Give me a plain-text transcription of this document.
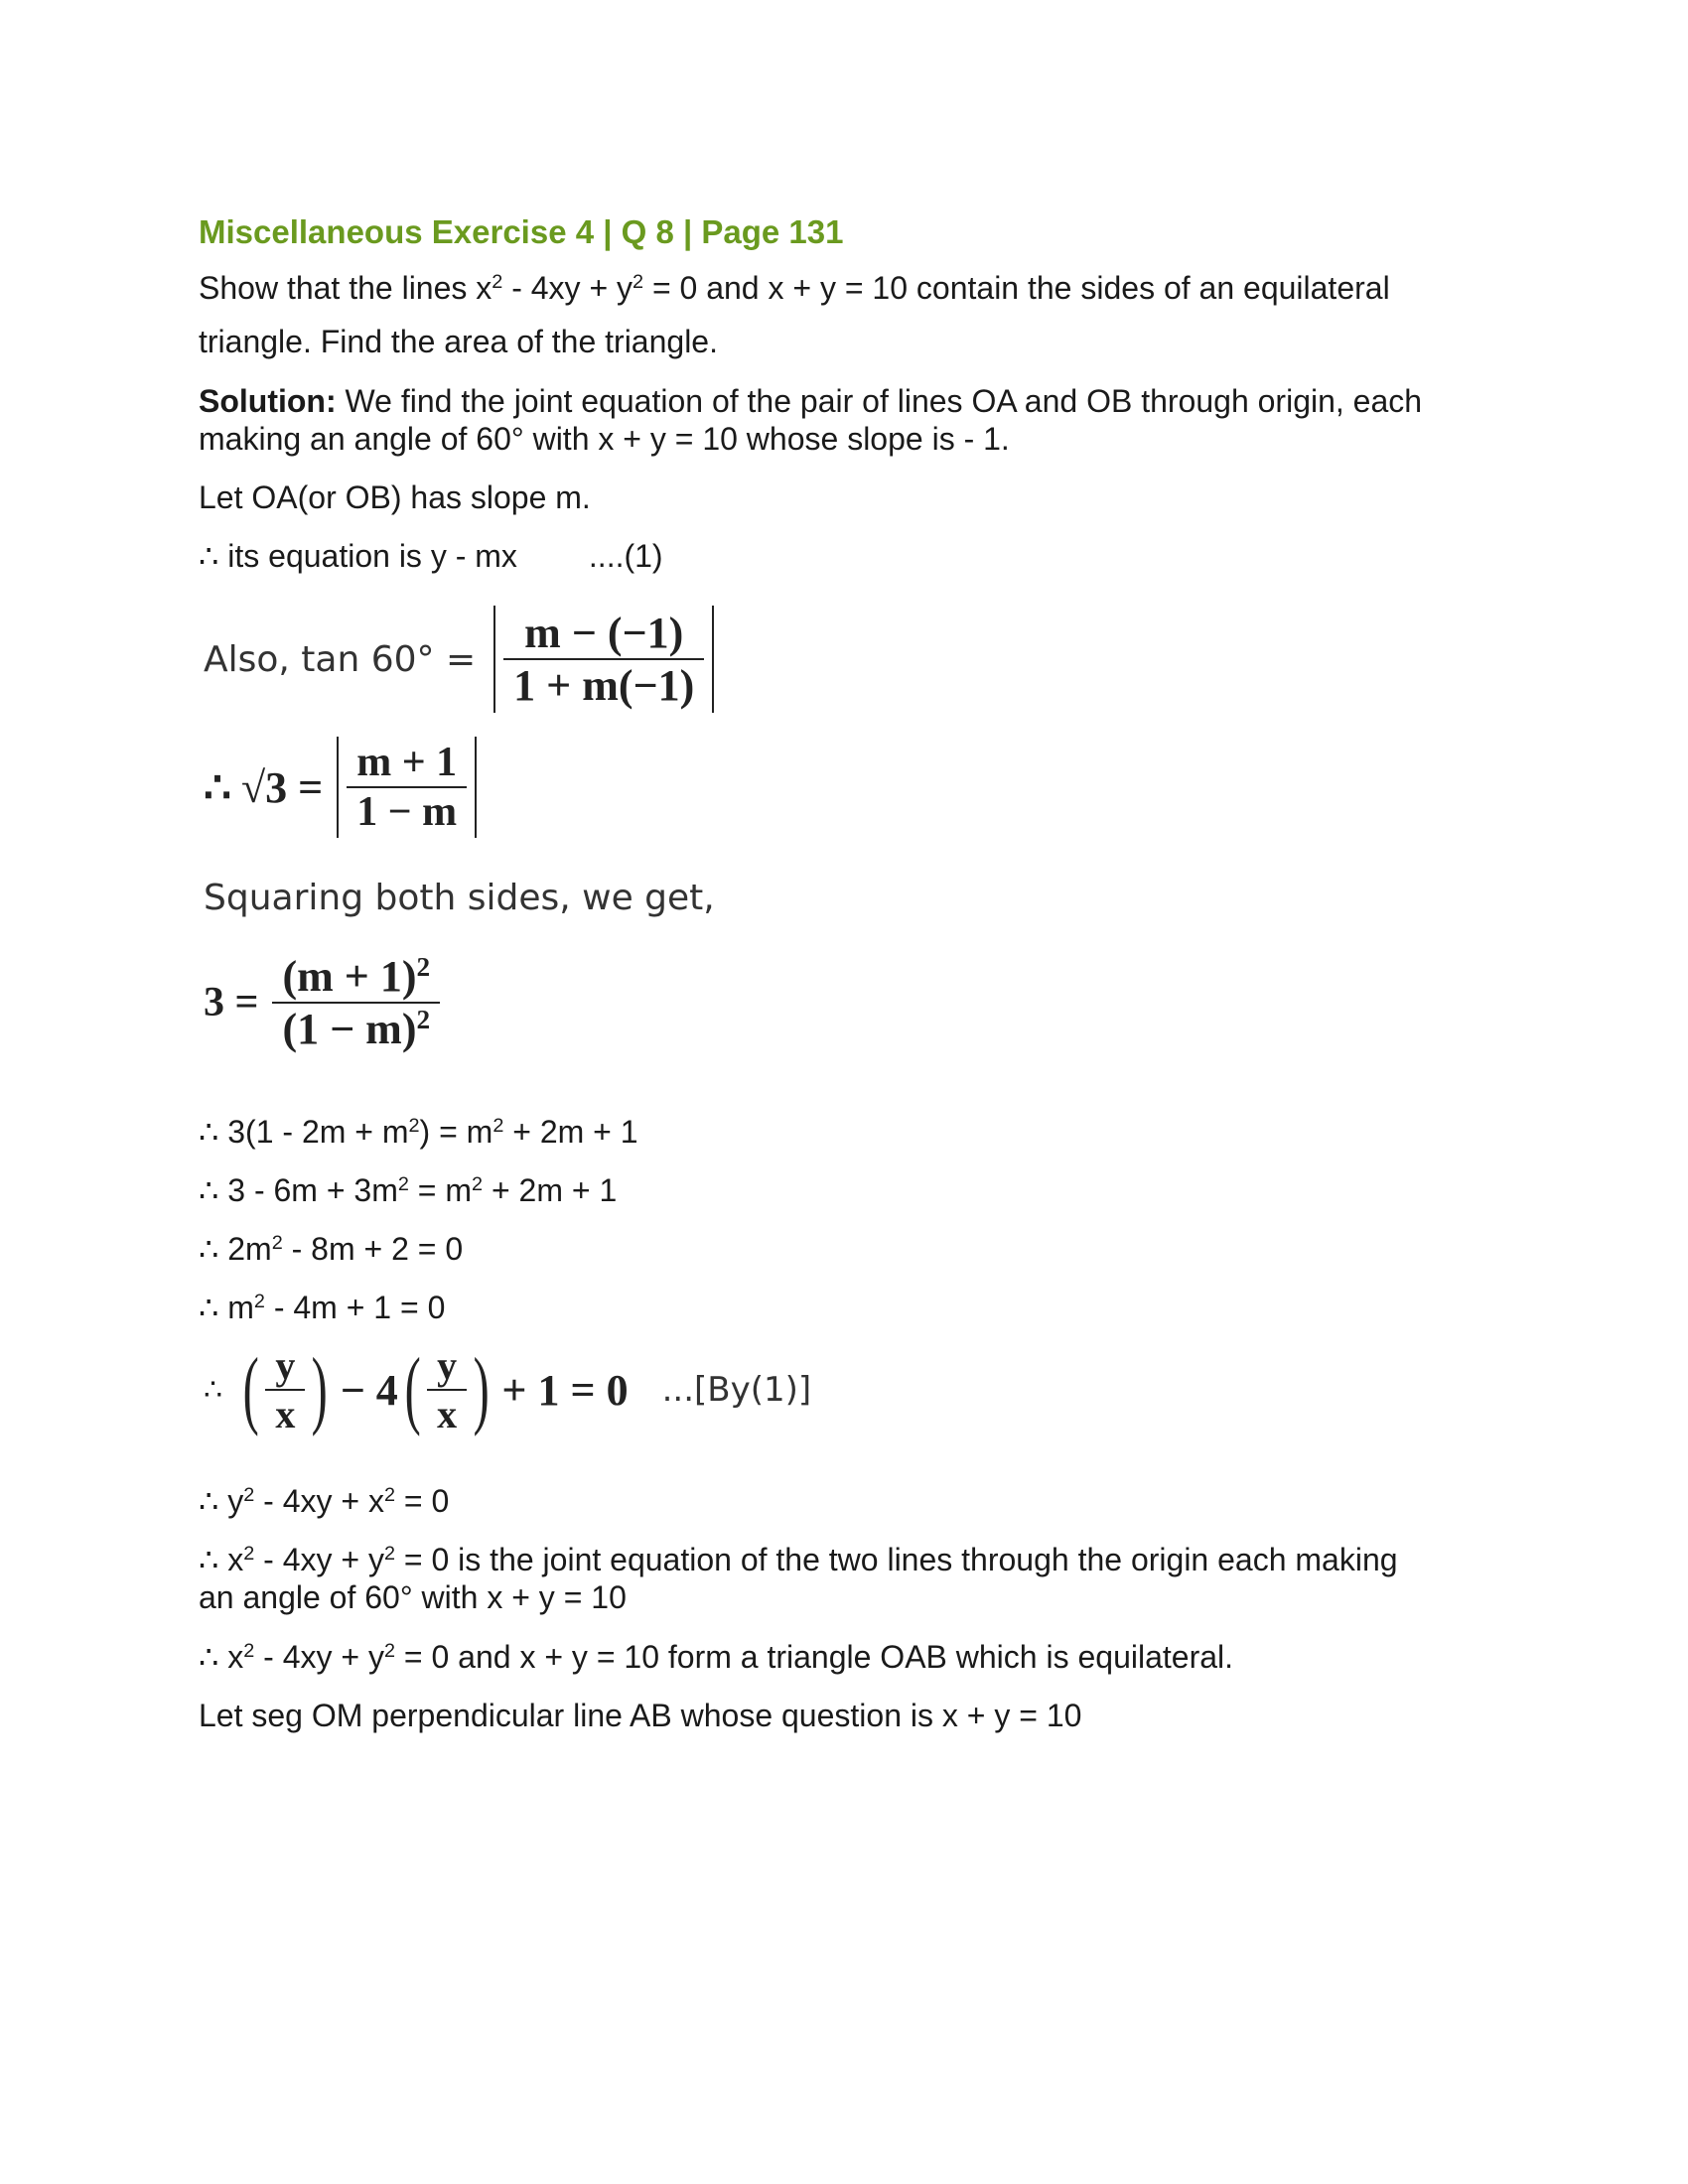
Miscellaneous Exercise 4 | Q 8 | Page 131
Show that the lines $x^2 - 4xy + y^2 = 0$ and x + y = 10 contain the sides of an equilateral
triangle. Find the area of the triangle.
Solution: We find the joint equation of the pair of lines OA and OB through origin, each
making an angle of 60° with x + y = 10 whose slope is - 1.
Let OA(or OB) has slope m.
∴ its equation is y - mx ....(1)
Also, $\tan 60^\circ = \frac{m - (-1)}{1 + m(-1)}$
∴ $√3 = \frac{m + 1}{1 - m}$
Squaring both sides, we get,
$3 = \frac{(m + 1)^2}{(1 - m)^2}$
∴ $3(1 - 2m + m^2) = m^2 + 2m + 1$
∴ $3 - 6m + 3m^2 = m^2 + 2m + 1$
∴ $2m^2 - 8m + 2 = 0$
∴ $m^2 - 4m + 1 = 0$
∴ ( $\frac{y}{x}$ ) − 4 ( $\frac{y}{x}$ ) + 1 = 0 ...[By(1)]
∴ $y^2 - 4xy + x^2 = 0$
∴ $x^2 - 4xy + y^2 = 0$ is the joint equation of the two lines through the origin each making
an angle of 60° with x + y = 10
∴ $x^2 - 4xy + y^2 = 0$ and x + y = 10 form a triangle OAB which is equilateral.
Let seg OM perpendicular line AB whose question is x + y = 10
